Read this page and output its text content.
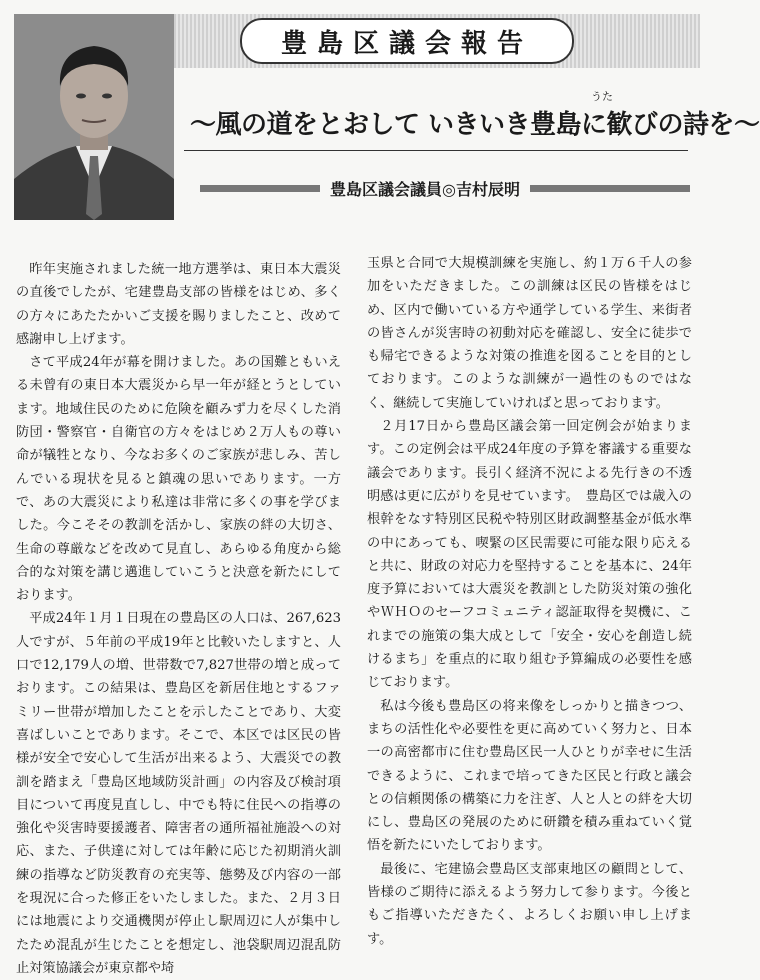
豊島区議会報告
うた
〜風の道をとおして いきいき豊島に歓びの詩を〜
豊島区議会議員◎吉村辰明

昨年実施されました統一地方選挙は、東日本大震災の直後でしたが、宅建豊島支部の皆様をはじめ、多くの方々にあたたかいご支援を賜りましたこと、改めて感謝申し上げます。

さて平成24年が幕を開けました。あの国難ともいえる未曾有の東日本大震災から早一年が経とうとしています。地域住民のために危険を顧みず力を尽くした消防団・警察官・自衛官の方々をはじめ２万人もの尊い命が犠牲となり、今なお多くのご家族が悲しみ、苦しんでいる現状を見ると鎮魂の思いであります。一方で、あの大震災により私達は非常に多くの事を学びました。今こそその教訓を活かし、家族の絆の大切さ、生命の尊厳などを改めて見直し、あらゆる角度から総合的な対策を講じ邁進していこうと決意を新たにしております。

平成24年１月１日現在の豊島区の人口は、267,623人ですが、５年前の平成19年と比較いたしますと、人口で12,179人の増、世帯数で7,827世帯の増と成っております。この結果は、豊島区を新居住地とするファミリー世帯が増加したことを示したことであり、大変喜ばしいことであります。そこで、本区では区民の皆様が安全で安心して生活が出来るよう、大震災での教訓を踏まえ「豊島区地域防災計画」の内容及び検討項目について再度見直しし、中でも特に住民への指導の強化や災害時要援護者、障害者の通所福祉施設への対応、また、子供達に対しては年齢に応じた初期消火訓練の指導など防災教育の充実等、態勢及び内容の一部を現況に合った修正をいたしました。また、２月３日には地震により交通機関が停止し駅周辺に人が集中したため混乱が生じたことを想定し、池袋駅周辺混乱防止対策協議会が東京都や埼

玉県と合同で大規模訓練を実施し、約１万６千人の参加をいただきました。この訓練は区民の皆様をはじめ、区内で働いている方や通学している学生、来街者の皆さんが災害時の初動対応を確認し、安全に徒歩でも帰宅できるような対策の推進を図ることを目的としております。このような訓練が一過性のものではなく、継続して実施していければと思っております。

２月17日から豊島区議会第一回定例会が始まります。この定例会は平成24年度の予算を審議する重要な議会であります。長引く経済不況による先行きの不透明感は更に広がりを見せています。　豊島区では歳入の根幹をなす特別区民税や特別区財政調整基金が低水準の中にあっても、喫緊の区民需要に可能な限り応えると共に、財政の対応力を堅持することを基本に、24年度予算においては大震災を教訓とした防災対策の強化やＷＨＯのセーフコミュニティ認証取得を契機に、これまでの施策の集大成として「安全・安心を創造し続けるまち」を重点的に取り組む予算編成の必要性を感じております。

私は今後も豊島区の将来像をしっかりと描きつつ、まちの活性化や必要性を更に高めていく努力と、日本一の高密都市に住む豊島区民一人ひとりが幸せに生活できるように、これまで培ってきた区民と行政と議会との信頼関係の構築に力を注ぎ、人と人との絆を大切にし、豊島区の発展のために研鑽を積み重ねていく覚悟を新たにいたしております。

最後に、宅建協会豊島区支部東地区の顧問として、皆様のご期待に添えるよう努力して参ります。今後ともご指導いただきたく、よろしくお願い申し上げます。
